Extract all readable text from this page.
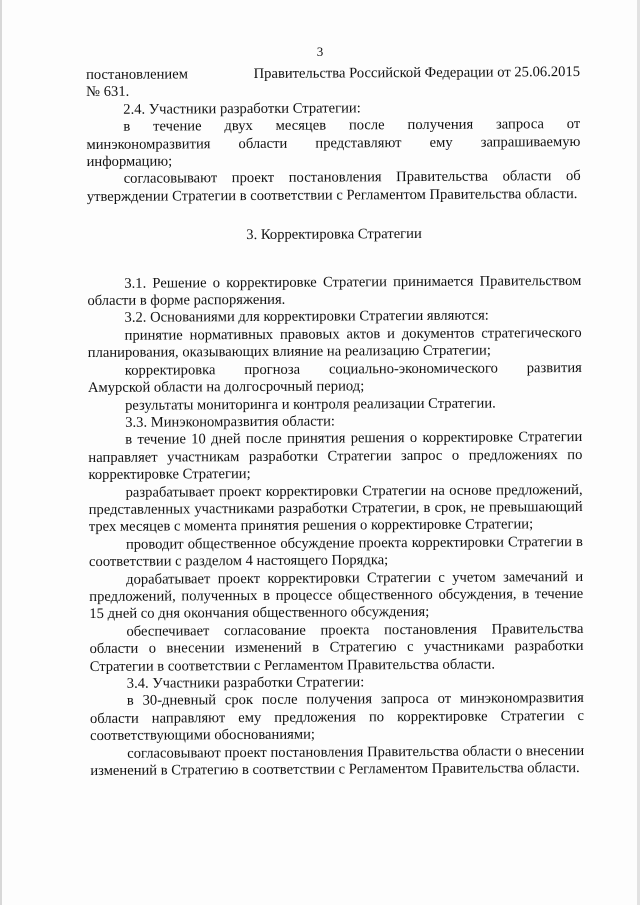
3
постановлением	Правительства Российской Федерации от 25.06.2015
№ 631.
2.4. Участники разработки Стратегии:
в течение двух месяцев после получения запроса от
минэкономразвития области представляют ему запрашиваемую
информацию;
согласовывают проект постановления Правительства области об утверждении Стратегии в соответствии с Регламентом Правительства области.
3. Корректировка Стратегии
3.1. Решение о корректировке Стратегии принимается Правительством области в форме распоряжения.
3.2. Основаниями для корректировки Стратегии являются:
принятие нормативных правовых актов и документов стратегического планирования, оказывающих влияние на реализацию Стратегии;
корректировка прогноза социально-экономического развития
Амурской области на долгосрочный период;
результаты мониторинга и контроля реализации Стратегии.
3.3. Минэкономразвития области:
в течение 10 дней после принятия решения о корректировке Стратегии направляет участникам разработки Стратегии запрос о предложениях по корректировке Стратегии;
разрабатывает проект корректировки Стратегии на основе предложений, представленных участниками разработки Стратегии, в срок, не превышающий трех месяцев с момента принятия решения о корректировке Стратегии;
проводит общественное обсуждение проекта корректировки Стратегии в соответствии с разделом 4 настоящего Порядка;
дорабатывает проект корректировки Стратегии с учетом замечаний и предложений, полученных в процессе общественного обсуждения, в течение 15 дней со дня окончания общественного обсуждения;
обеспечивает согласование проекта постановления Правительства области о внесении изменений в Стратегию с участниками разработки Стратегии в соответствии с Регламентом Правительства области.
3.4. Участники разработки Стратегии:
в 30-дневный срок после получения запроса от минэкономразвития области направляют ему предложения по корректировке Стратегии с соответствующими обоснованиями;
согласовывают проект постановления Правительства области о внесении изменений в Стратегию в соответствии с Регламентом Правительства области.
